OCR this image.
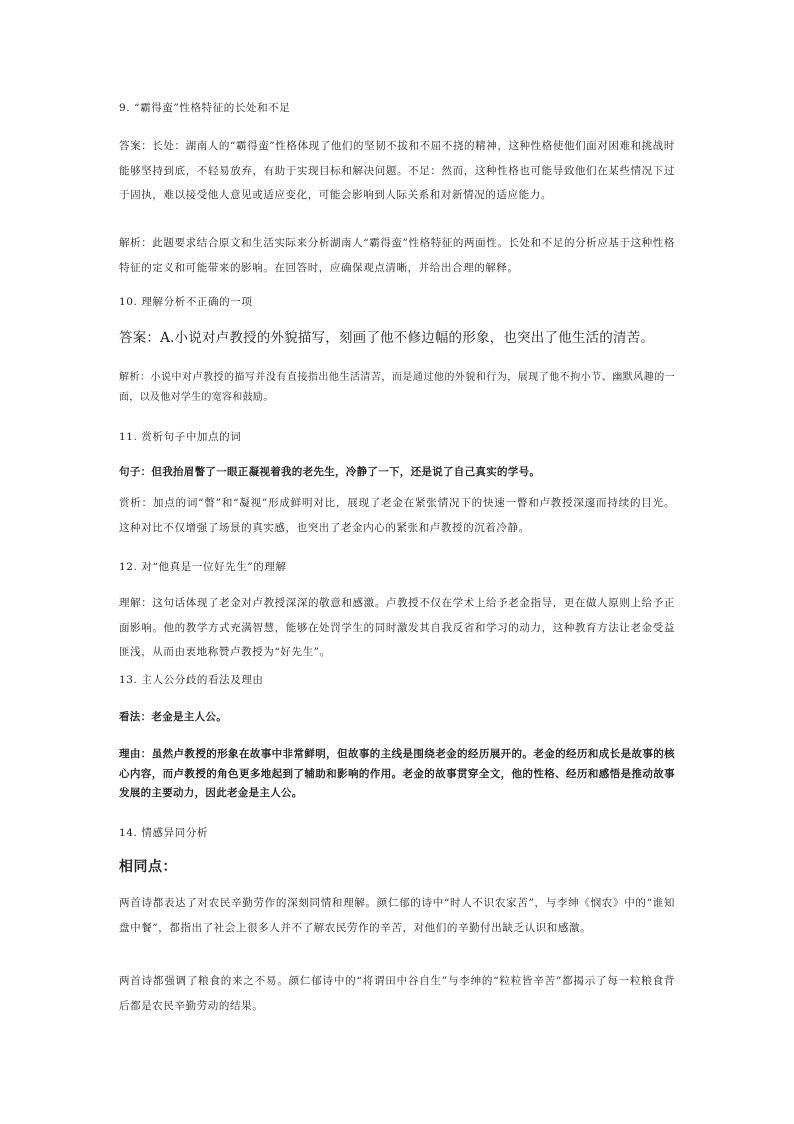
9. “霸得蛮”性格特征的长处和不足

答案：长处：湖南人的“霸得蛮”性格体现了他们的坚韧不拔和不屈不挠的精神，这种性格使他们面对困难和挑战时能够坚持到底，不轻易放弃，有助于实现目标和解决问题。不足：然而，这种性格也可能导致他们在某些情况下过于固执，难以接受他人意见或适应变化，可能会影响到人际关系和对新情况的适应能力。

解析：此题要求结合原文和生活实际来分析湖南人“霸得蛮”性格特征的两面性。长处和不足的分析应基于这种性格特征的定义和可能带来的影响。在回答时，应确保观点清晰，并给出合理的解释。

10. 理解分析不正确的一项

答案：A.小说对卢教授的外貌描写，刻画了他不修边幅的形象，也突出了他生活的清苦。

解析：小说中对卢教授的描写并没有直接指出他生活清苦，而是通过他的外貌和行为，展现了他不拘小节、幽默风趣的一面，以及他对学生的宽容和鼓励。

11. 赏析句子中加点的词

句子：但我抬眉瞥了一眼正凝视着我的老先生，冷静了一下，还是说了自己真实的学号。

赏析：加点的词“瞥”和“凝视”形成鲜明对比，展现了老金在紧张情况下的快速一瞥和卢教授深邃而持续的目光。这种对比不仅增强了场景的真实感，也突出了老金内心的紧张和卢教授的沉着冷静。

12. 对“他真是一位好先生”的理解

理解：这句话体现了老金对卢教授深深的敬意和感激。卢教授不仅在学术上给予老金指导，更在做人原则上给予正面影响。他的教学方式充满智慧，能够在处罚学生的同时激发其自我反省和学习的动力，这种教育方法让老金受益匪浅，从而由衷地称赞卢教授为“好先生”。

13. 主人公分歧的看法及理由

看法：老金是主人公。

理由：虽然卢教授的形象在故事中非常鲜明，但故事的主线是围绕老金的经历展开的。老金的经历和成长是故事的核心内容，而卢教授的角色更多地起到了辅助和影响的作用。老金的故事贯穿全文，他的性格、经历和感悟是推动故事发展的主要动力，因此老金是主人公。

14. 情感异同分析

相同点：

两首诗都表达了对农民辛勤劳作的深刻同情和理解。颜仁郁的诗中“时人不识农家苦”，与李绅《悯农》中的“谁知盘中餐”，都指出了社会上很多人并不了解农民劳作的辛苦，对他们的辛勤付出缺乏认识和感激。

两首诗都强调了粮食的来之不易。颜仁郁诗中的“将谓田中谷自生”与李绅的“粒粒皆辛苦”都揭示了每一粒粮食背后都是农民辛勤劳动的结果。
